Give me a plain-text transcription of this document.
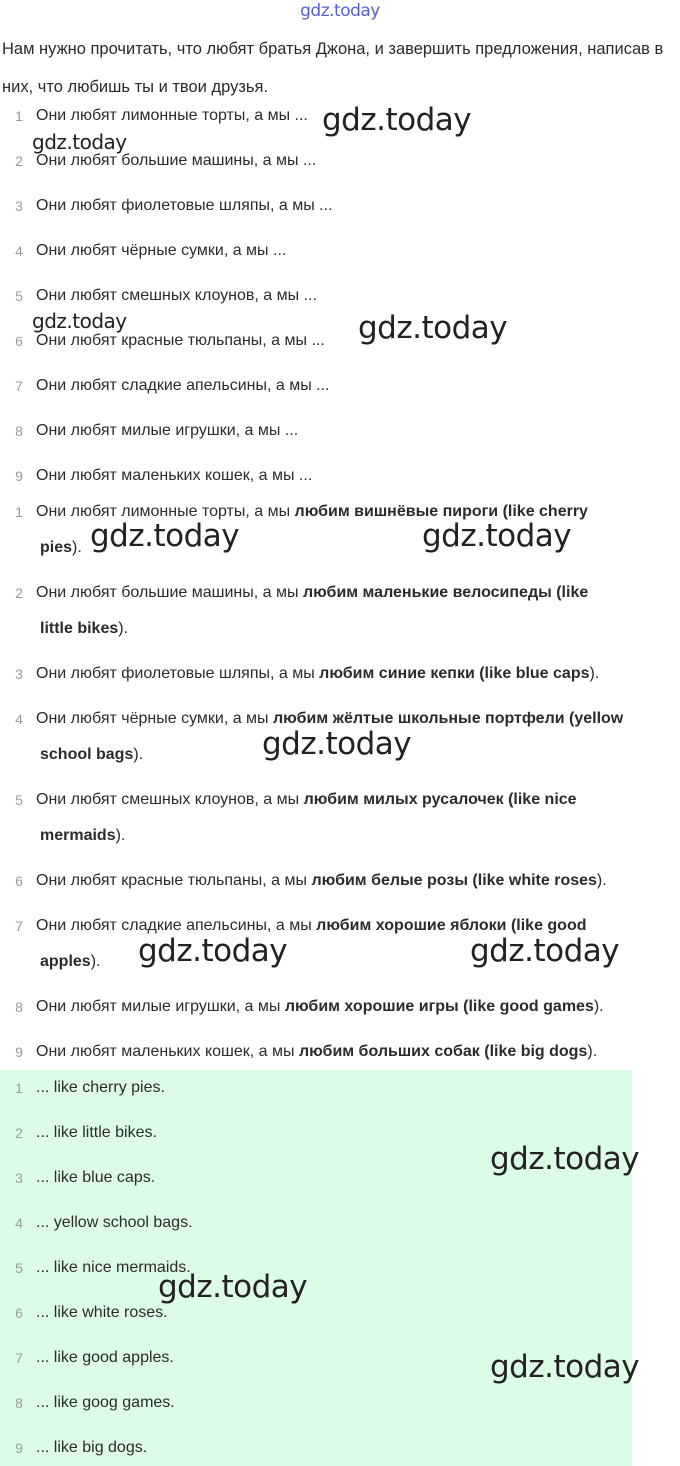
gdz.today
Нам нужно прочитать, что любят братья Джона, и завершить предложения, написав в них, что любишь ты и твои друзья.
1 Они любят лимонные торты, а мы ...
2 Они любят большие машины, а мы ...
3 Они любят фиолетовые шляпы, а мы ...
4 Они любят чёрные сумки, а мы ...
5 Они любят смешных клоунов, а мы ...
6 Они любят красные тюльпаны, а мы ...
7 Они любят сладкие апельсины, а мы ...
8 Они любят милые игрушки, а мы ...
9 Они любят маленьких кошек, а мы ...
1 Они любят лимонные торты, а мы любим вишнёвые пироги (like cherry
pies).
2 Они любят большие машины, а мы любим маленькие велосипеды (like
little bikes).
3 Они любят фиолетовые шляпы, а мы любим синие кепки (like blue caps).
4 Они любят чёрные сумки, а мы любим жёлтые школьные портфели (yellow
school bags).
5 Они любят смешных клоунов, а мы любим милых русалочек (like nice
mermaids).
6 Они любят красные тюльпаны, а мы любим белые розы (like white roses).
7 Они любят сладкие апельсины, а мы любим хорошие яблоки (like good
apples).
8 Они любят милые игрушки, а мы любим хорошие игры (like good games).
9 Они любят маленьких кошек, а мы любим больших собак (like big dogs).
1 ... like cherry pies.
2 ... like little bikes.
3 ... like blue caps.
4 ... yellow school bags.
5 ... like nice mermaids.
6 ... like white roses.
7 ... like good apples.
8 ... like goog games.
9 ... like big dogs.
gdz.today
gdz.today
gdz.today	gdz.today
gdz.today	gdz.today
gdz.today
gdz.today	gdz.today
gdz.today
gdz.today
gdz.today
